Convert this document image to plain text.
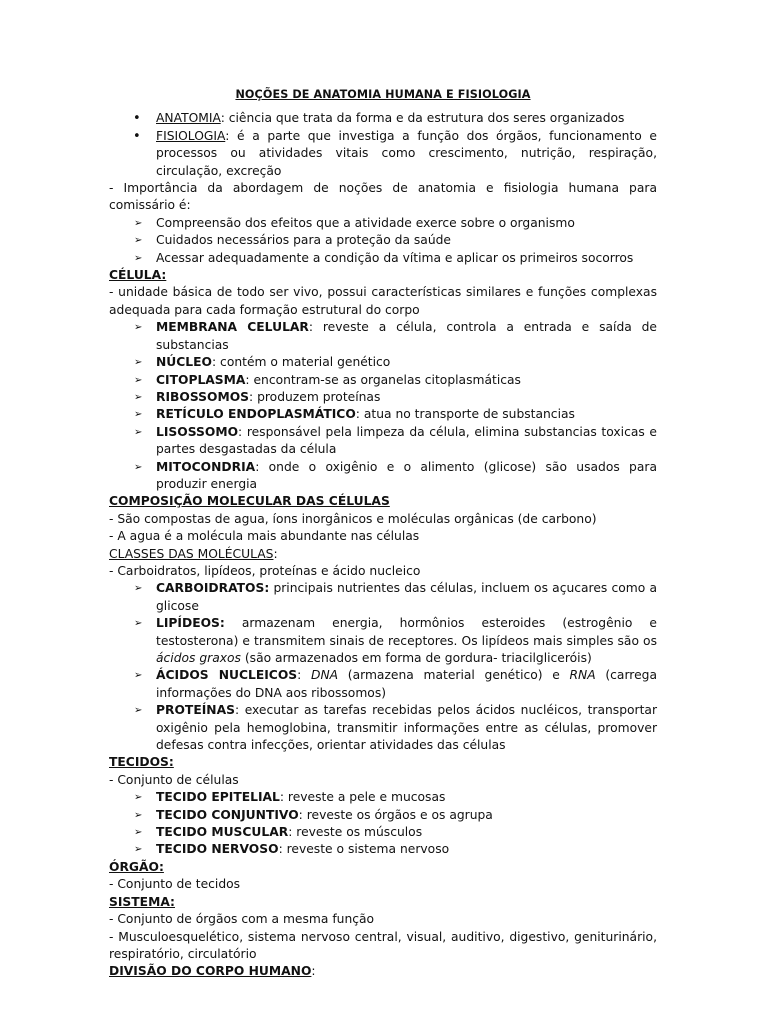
NOÇÕES DE ANATOMIA HUMANA E FISIOLOGIA
• ANATOMIA: ciência que trata da forma e da estrutura dos seres organizados
• FISIOLOGIA: é a parte que investiga a função dos órgãos, funcionamento e processos ou atividades vitais como crescimento, nutrição, respiração, circulação, excreção
- Importância da abordagem de noções de anatomia e fisiologia humana para comissário é:
➢	Compreensão dos efeitos que a atividade exerce sobre o organismo
➢	Cuidados necessários para a proteção da saúde
➢	Acessar adequadamente a condição da vítima e aplicar os primeiros socorros
CÉLULA:
- unidade básica de todo ser vivo, possui características similares e funções complexas adequada para cada formação estrutural do corpo
➢	MEMBRANA CELULAR: reveste a célula, controla a entrada e saída de substancias
➢	NÚCLEO: contém o material genético
➢	CITOPLASMA: encontram-se as organelas citoplasmáticas
➢	RIBOSSOMOS: produzem proteínas
➢	RETÍCULO ENDOPLASMÁTICO: atua no transporte de substancias
➢	LISOSSOMO: responsável pela limpeza da célula, elimina substancias toxicas e partes desgastadas da célula
➢	MITOCONDRIA: onde o oxigênio e o alimento (glicose) são usados para produzir energia
COMPOSIÇÃO MOLECULAR DAS CÉLULAS
- São compostas de agua, íons inorgânicos e moléculas orgânicas (de carbono)
- A agua é a molécula mais abundante nas células
CLASSES DAS MOLÉCULAS:
- Carboidratos, lipídeos, proteínas e ácido nucleico
➢	CARBOIDRATOS: principais nutrientes das células, incluem os açucares como a glicose
➢	LIPÍDEOS: armazenam energia, hormônios esteroides (estrogênio e testosterona) e transmitem sinais de receptores. Os lipídeos mais simples são os ácidos graxos (são armazenados em forma de gordura- triacilgliceróis)
➢	ÁCIDOS NUCLEICOS: DNA (armazena material genético) e RNA (carrega informações do DNA aos ribossomos)
➢	PROTEÍNAS: executar as tarefas recebidas pelos ácidos nucléicos, transportar oxigênio pela hemoglobina, transmitir informações entre as células, promover defesas contra infecções, orientar atividades das células
TECIDOS:
- Conjunto de células
➢	TECIDO EPITELIAL: reveste a pele e mucosas
➢	TECIDO CONJUNTIVO: reveste os órgãos e os agrupa
➢	TECIDO MUSCULAR: reveste os músculos
➢	TECIDO NERVOSO: reveste o sistema nervoso
ÓRGÃO:
- Conjunto de tecidos
SISTEMA:
- Conjunto de órgãos com a mesma função
- Musculoesquelético, sistema nervoso central, visual, auditivo, digestivo, geniturinário, respiratório, circulatório
DIVISÃO DO CORPO HUMANO:
